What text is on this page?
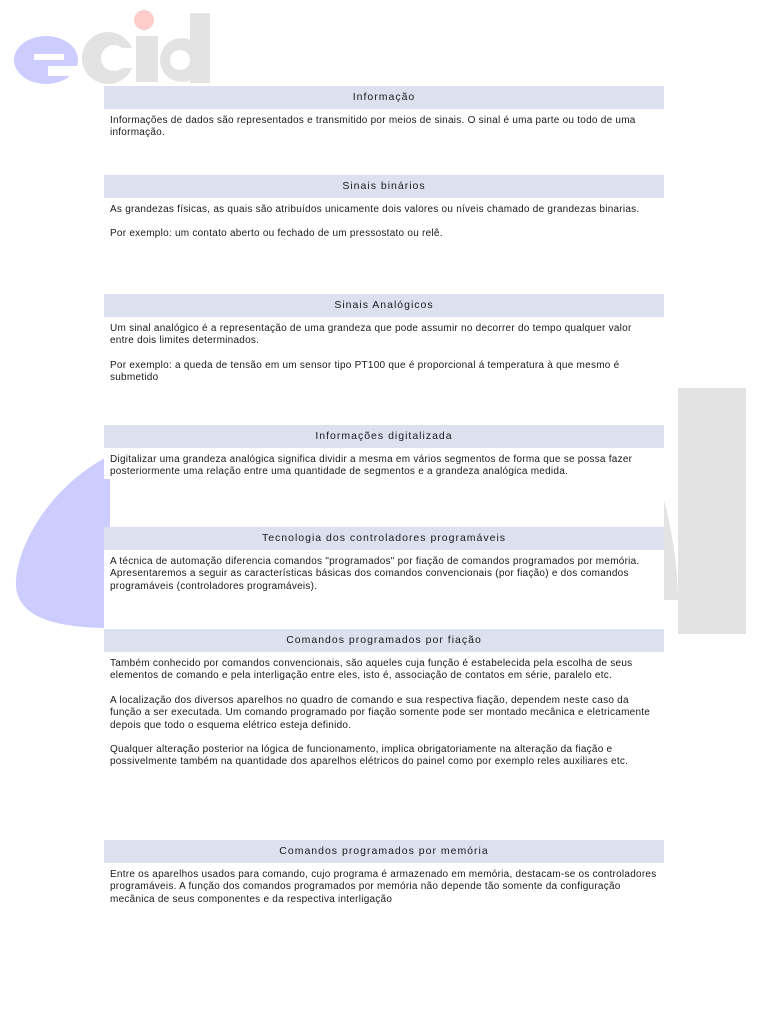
Informação

Informações de dados são representados e transmitido por meios de sinais. O sinal é uma parte ou todo de uma informação.

Sinais binários

As grandezas físicas, as quais são atribuídos unicamente dois valores ou níveis chamado de grandezas binarias.

Por exemplo: um contato aberto ou fechado de um pressostato ou relê.

Sinais Analógicos

Um sinal analógico é a representação de uma grandeza que pode assumir no decorrer do tempo qualquer valor entre dois limites determinados.

Por exemplo: a queda de tensão em um sensor tipo PT100 que é proporcional á temperatura à que mesmo é submetido

Informações digitalizada

Digitalizar uma grandeza analógica significa dividir a mesma em vários segmentos de forma que se possa fazer posteriormente uma relação entre uma quantidade de segmentos e a grandeza analógica medida.

Tecnologia dos controladores programáveis

A técnica de automação diferencia comandos "programados" por fiação de comandos programados por memória. Apresentaremos a seguir as características básicas dos comandos convencionais (por fiação) e dos comandos programáveis (controladores programáveis).

Comandos programados por fiação

Também conhecido por comandos convencionais, são aqueles cuja função é estabelecida pela escolha de seus elementos de comando e pela interligação entre eles, isto é, associação de contatos em série, paralelo etc.

A localização dos diversos aparelhos no quadro de comando e sua respectiva fiação, dependem neste caso da função a ser executada. Um comando programado por fiação somente pode ser montado mecânica e eletricamente depois que todo o esquema elétrico esteja definido.

Qualquer alteração posterior na lógica de funcionamento, implica obrigatoriamente na alteração da fiação e possivelmente também na quantidade dos aparelhos elétricos do painel como por exemplo reles auxiliares etc.

Comandos programados por memória

Entre os aparelhos usados para comando, cujo programa é armazenado em memória, destacam-se os controladores programáveis. A função dos comandos programados por memória não depende tão somente da configuração mecânica de seus componentes e da respectiva interligação
